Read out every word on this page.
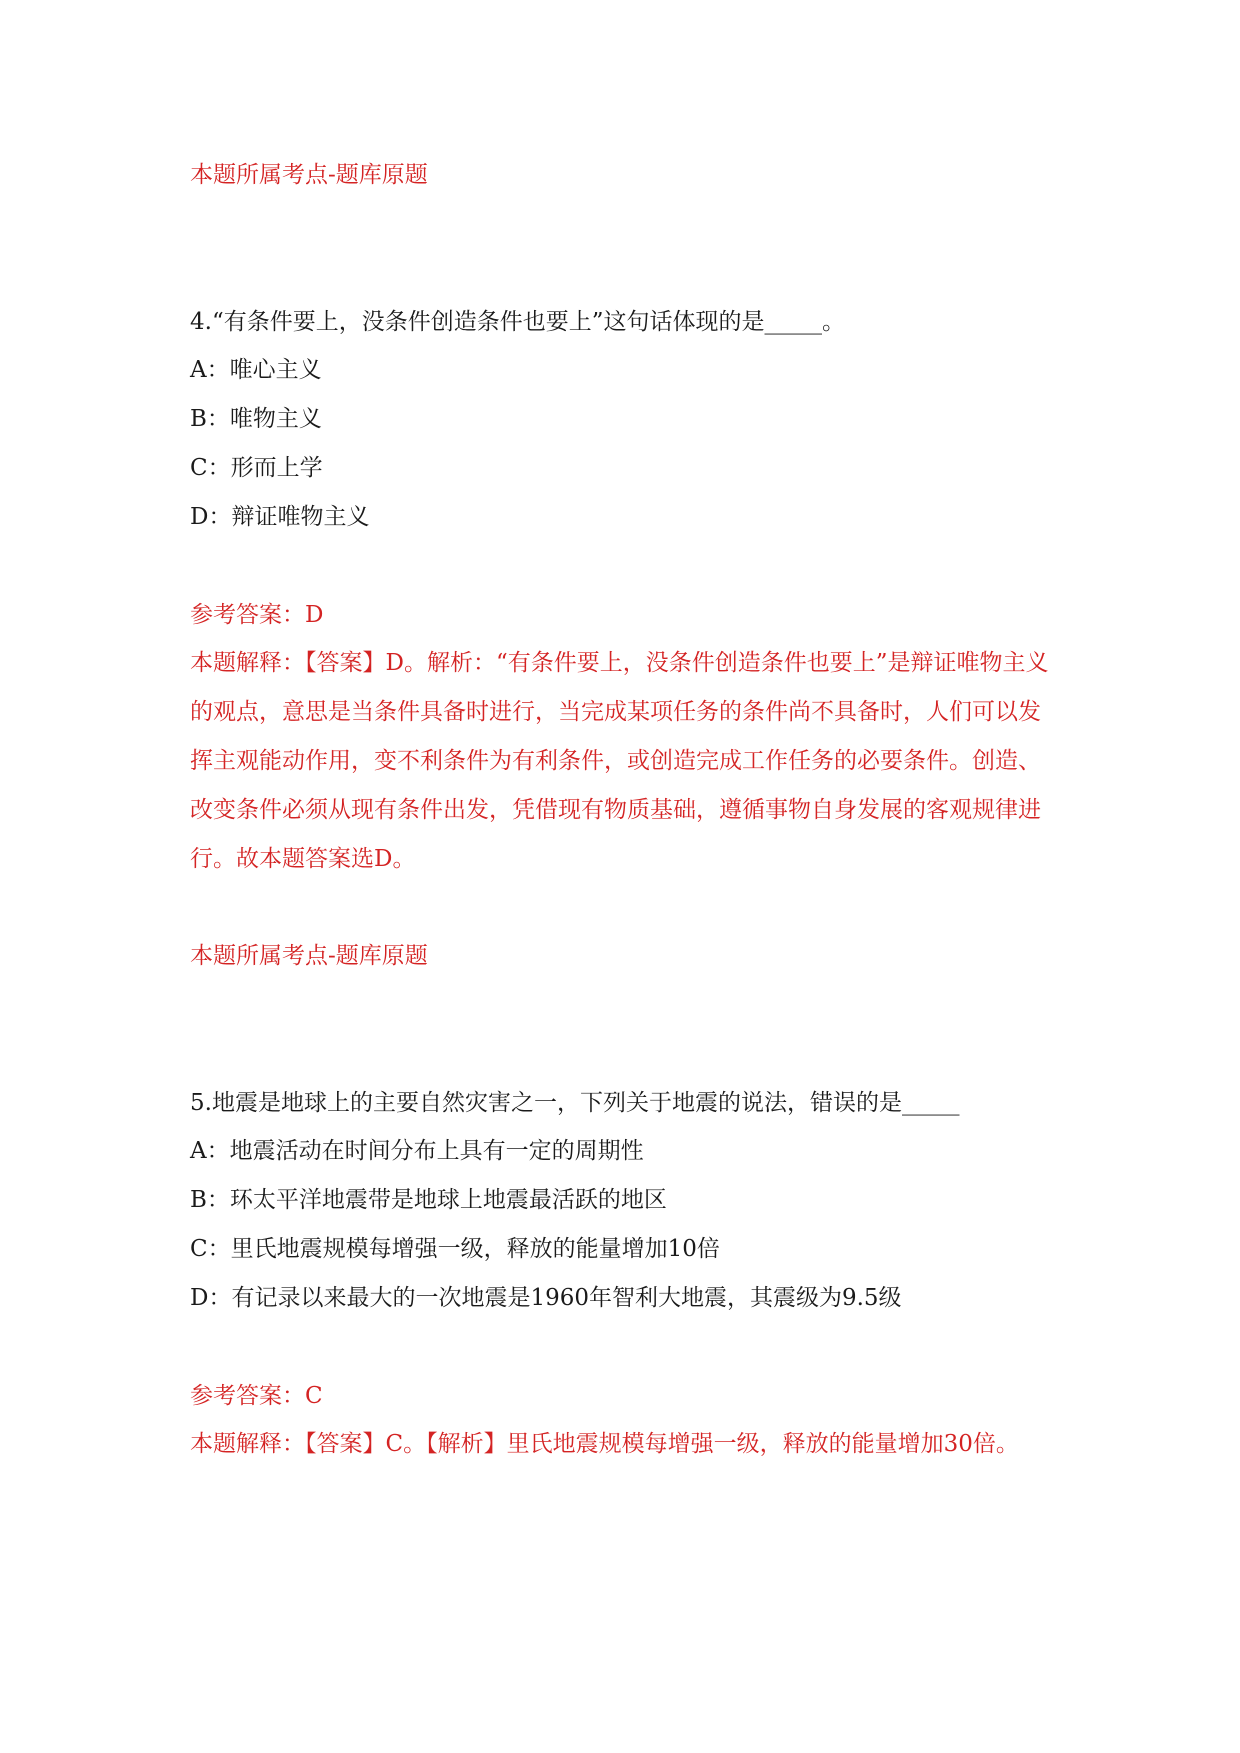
本题所属考点-题库原题
4.“有条件要上，没条件创造条件也要上”这句话体现的是_____。
A：唯心主义
B：唯物主义
C：形而上学
D：辩证唯物主义
参考答案：D
本题解释：【答案】D。解析：“有条件要上，没条件创造条件也要上”是辩证唯物主义的观点，意思是当条件具备时进行，当完成某项任务的条件尚不具备时，人们可以发挥主观能动作用，变不利条件为有利条件，或创造完成工作任务的必要条件。创造、改变条件必须从现有条件出发，凭借现有物质基础，遵循事物自身发展的客观规律进行。故本题答案选D。
本题所属考点-题库原题
5.地震是地球上的主要自然灾害之一，下列关于地震的说法，错误的是_____
A：地震活动在时间分布上具有一定的周期性
B：环太平洋地震带是地球上地震最活跃的地区
C：里氏地震规模每增强一级，释放的能量增加10倍
D：有记录以来最大的一次地震是1960年智利大地震，其震级为9.5级
参考答案：C
本题解释：【答案】C。【解析】里氏地震规模每增强一级，释放的能量增加30倍。
